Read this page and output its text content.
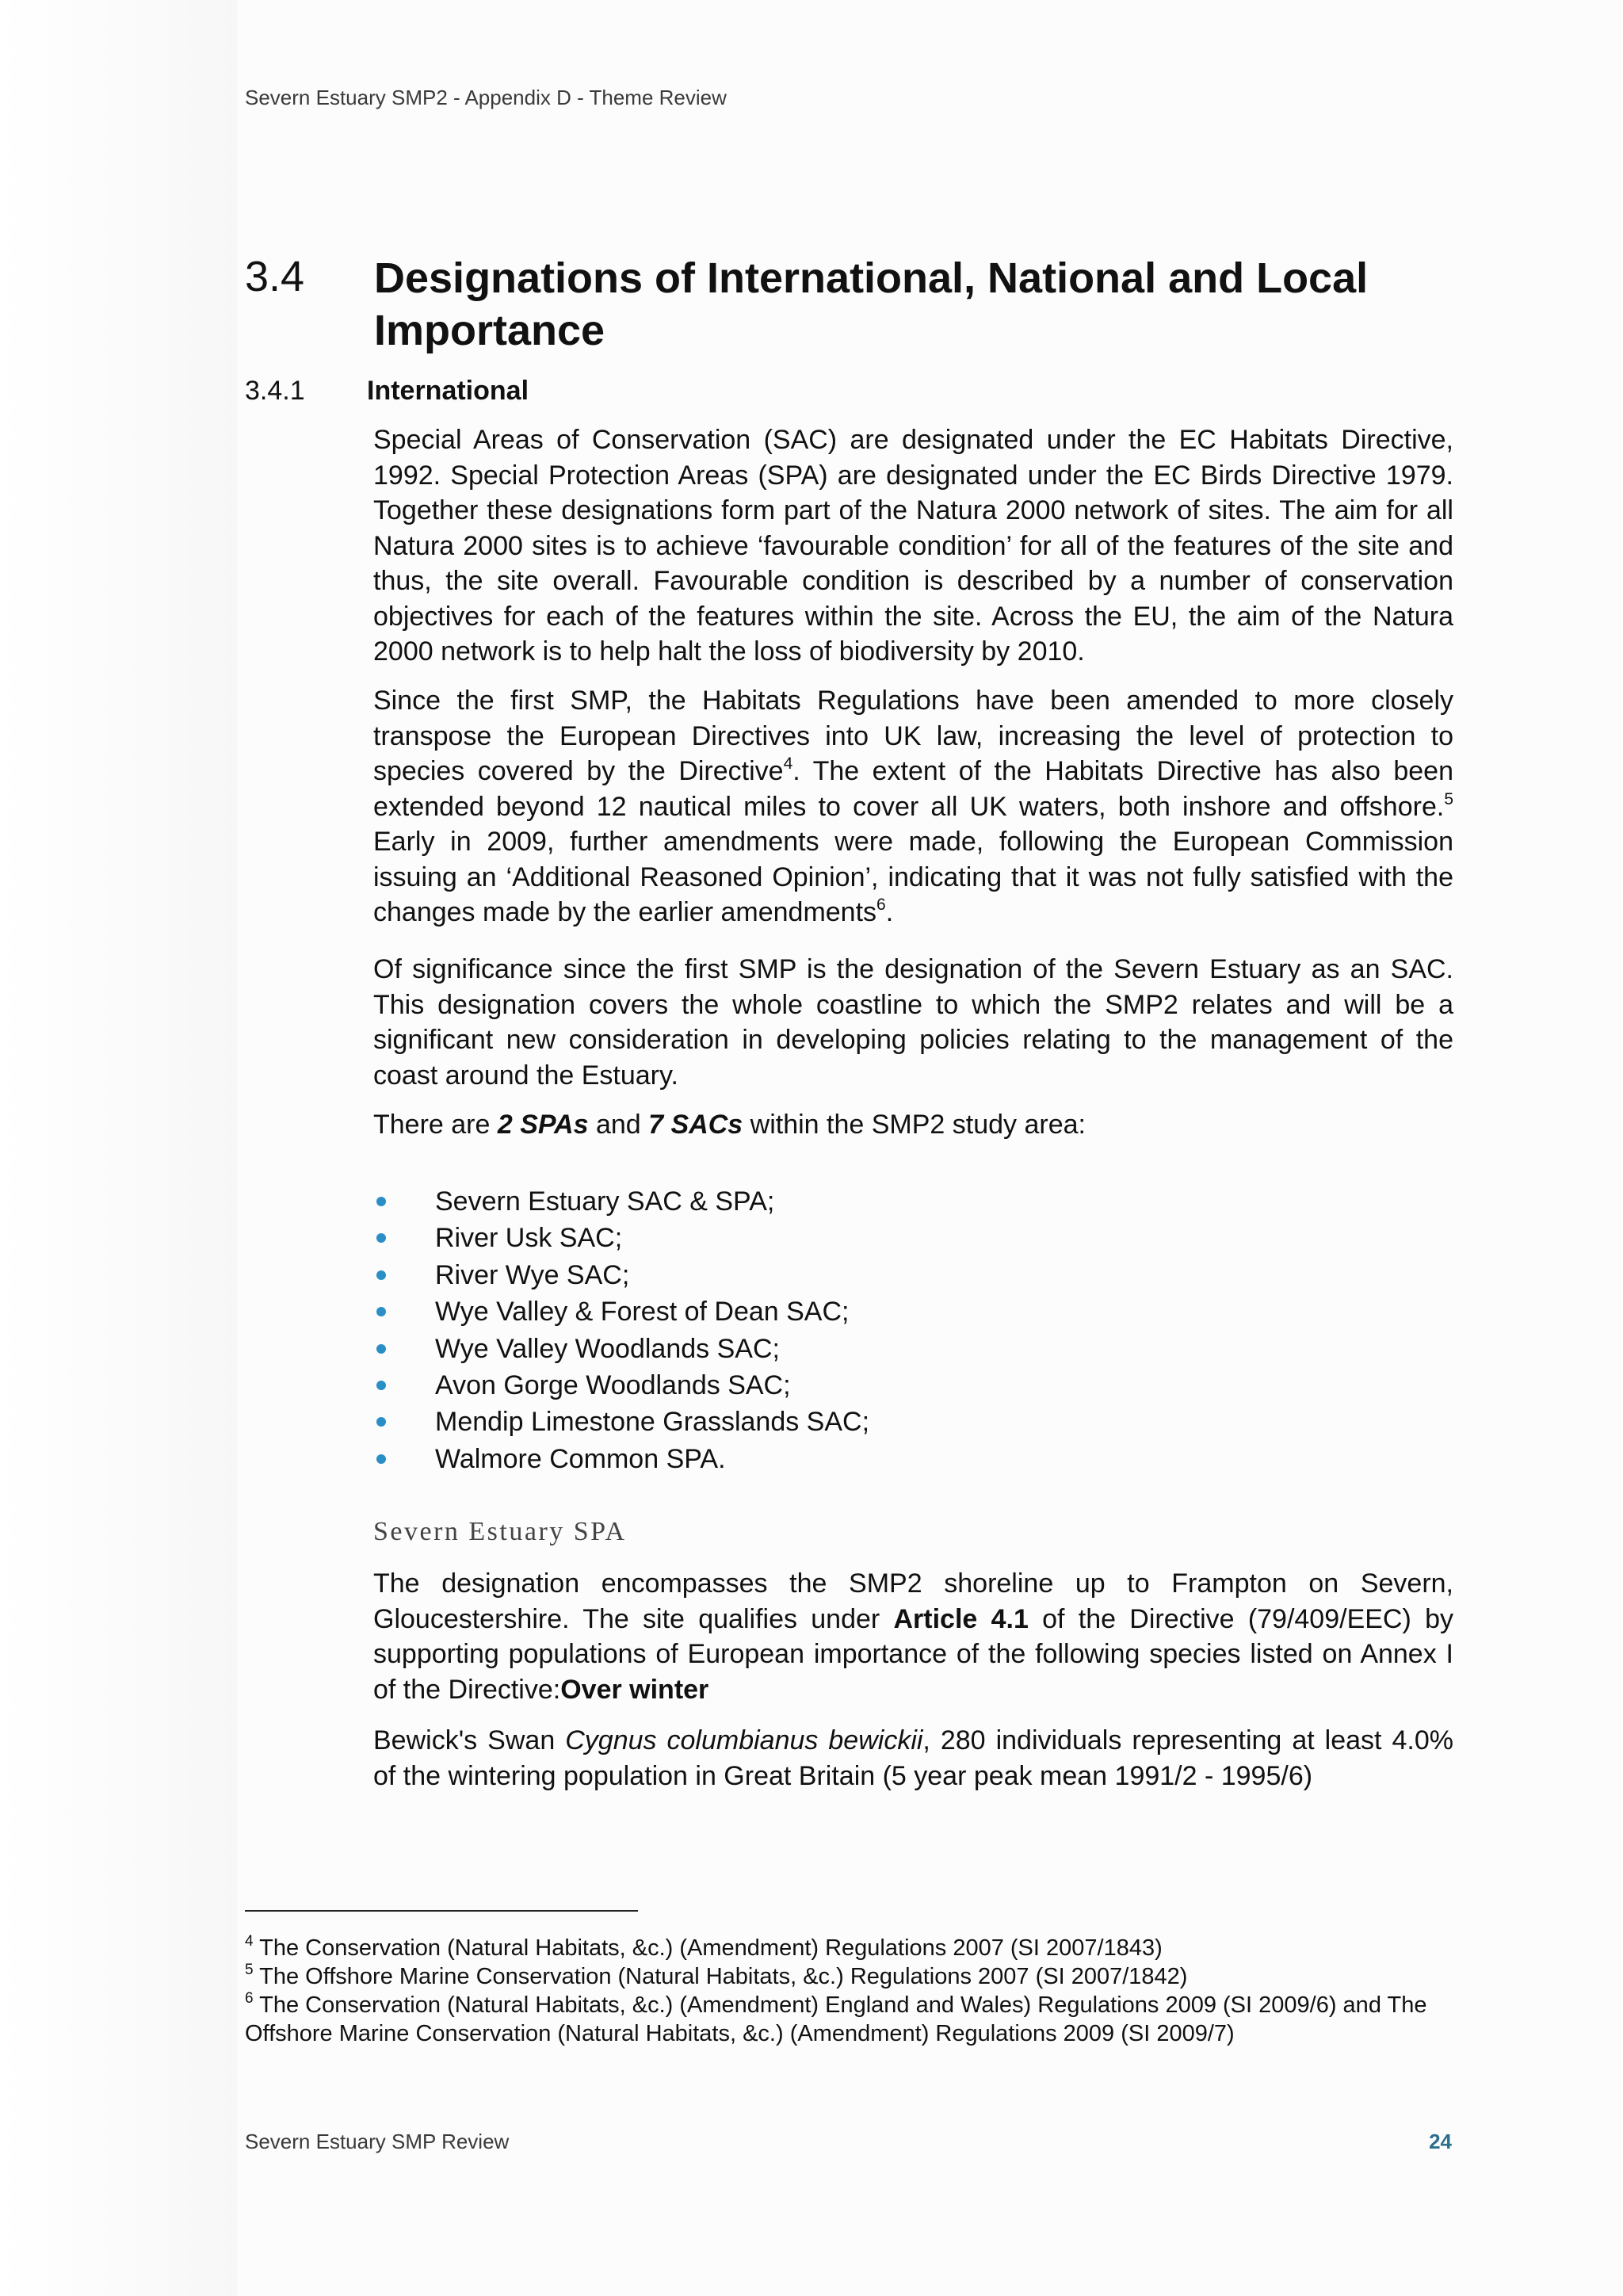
Severn Estuary SMP2 - Appendix D - Theme Review
3.4 Designations of International, National and Local Importance
3.4.1 International

Special Areas of Conservation (SAC) are designated under the EC Habitats Directive, 1992. Special Protection Areas (SPA) are designated under the EC Birds Directive 1979. Together these designations form part of the Natura 2000 network of sites. The aim for all Natura 2000 sites is to achieve ‘favourable condition’ for all of the features of the site and thus, the site overall. Favourable condition is described by a number of conservation objectives for each of the features within the site. Across the EU, the aim of the Natura 2000 network is to help halt the loss of biodiversity by 2010.

Since the first SMP, the Habitats Regulations have been amended to more closely transpose the European Directives into UK law, increasing the level of protection to species covered by the Directive$^4$. The extent of the Habitats Directive has also been extended beyond 12 nautical miles to cover all UK waters, both inshore and offshore.$^5$ Early in 2009, further amendments were made, following the European Commission issuing an ‘Additional Reasoned Opinion’, indicating that it was not fully satisfied with the changes made by the earlier amendments$^6$.

Of significance since the first SMP is the designation of the Severn Estuary as an SAC. This designation covers the whole coastline to which the SMP2 relates and will be a significant new consideration in developing policies relating to the management of the coast around the Estuary.

There are 2 SPAs and 7 SACs within the SMP2 study area:

Severn Estuary SAC & SPA;
River Usk SAC;
River Wye SAC;
Wye Valley & Forest of Dean SAC;
Wye Valley Woodlands SAC;
Avon Gorge Woodlands SAC;
Mendip Limestone Grasslands SAC;
Walmore Common SPA.
Severn Estuary SPA

The designation encompasses the SMP2 shoreline up to Frampton on Severn, Gloucestershire. The site qualifies under Article 4.1 of the Directive (79/409/EEC) by supporting populations of European importance of the following species listed on Annex I of the Directive:Over winter

Bewick's Swan Cygnus columbianus bewickii, 280 individuals representing at least 4.0% of the wintering population in Great Britain (5 year peak mean 1991/2 - 1995/6)

$^4$ The Conservation (Natural Habitats, &c.) (Amendment) Regulations 2007 (SI 2007/1843)
$^5$ The Offshore Marine Conservation (Natural Habitats, &c.) Regulations 2007 (SI 2007/1842)
$^6$ The Conservation (Natural Habitats, &c.) (Amendment) England and Wales) Regulations 2009 (SI 2009/6) and The Offshore Marine Conservation (Natural Habitats, &c.) (Amendment) Regulations 2009 (SI 2009/7)
Severn Estuary SMP Review	24
